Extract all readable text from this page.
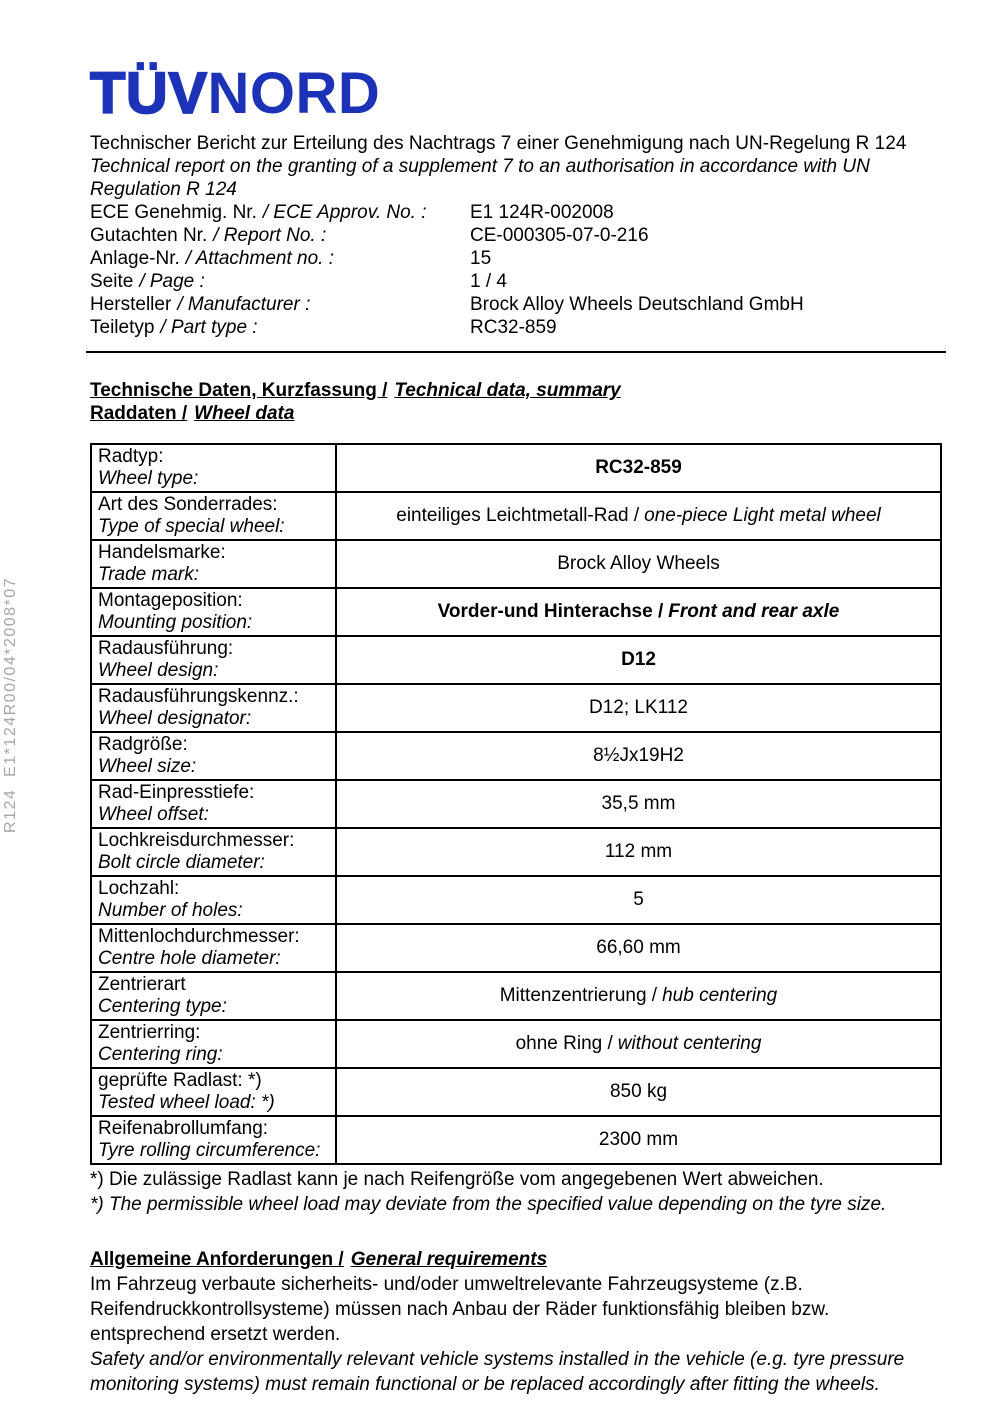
R124  E1*124R00/04*2008*07
TÜVNORD
Technischer Bericht zur Erteilung des Nachtrags 7 einer Genehmigung nach UN-Regelung R 124
Technical report on the granting of a supplement 7 to an authorisation in accordance with UN Regulation R 124
ECE Genehmig. Nr. / ECE Approv. No. :	E1 124R-002008
Gutachten Nr. / Report No. :	CE-000305-07-0-216
Anlage-Nr. / Attachment no. :	15
Seite / Page :	1 / 4
Hersteller / Manufacturer :	Brock Alloy Wheels Deutschland GmbH
Teiletyp / Part type :	RC32-859
Technische Daten, Kurzfassung / Technical data, summary
Raddaten / Wheel data
Radtyp:
Wheel type:	RC32-859
Art des Sonderrades:
Type of special wheel:	einteiliges Leichtmetall-Rad / one-piece Light metal wheel
Handelsmarke:
Trade mark:	Brock Alloy Wheels
Montageposition:
Mounting position:	Vorder-und Hinterachse / Front and rear axle
Radausführung:
Wheel design:	D12
Radausführungskennz.:
Wheel designator:	D12; LK112
Radgröße:
Wheel size:	8½Jx19H2
Rad-Einpresstiefe:
Wheel offset:	35,5 mm
Lochkreisdurchmesser:
Bolt circle diameter:	112 mm
Lochzahl:
Number of holes:	5
Mittenlochdurchmesser:
Centre hole diameter:	66,60 mm
Zentrierart
Centering type:	Mittenzentrierung / hub centering
Zentrierring:
Centering ring:	ohne Ring / without centering
geprüfte Radlast: *)
Tested wheel load: *)	850 kg
Reifenabrollumfang:
Tyre rolling circumference:	2300 mm
*) Die zulässige Radlast kann je nach Reifengröße vom angegebenen Wert abweichen.
*) The permissible wheel load may deviate from the specified value depending on the tyre size.
Allgemeine Anforderungen / General requirements

Im Fahrzeug verbaute sicherheits- und/oder umweltrelevante Fahrzeugsysteme (z.B. Reifendruckkontrollsysteme) müssen nach Anbau der Räder funktionsfähig bleiben bzw. entsprechend ersetzt werden.

Safety and/or environmentally relevant vehicle systems installed in the vehicle (e.g. tyre pressure monitoring systems) must remain functional or be replaced accordingly after fitting the wheels.
